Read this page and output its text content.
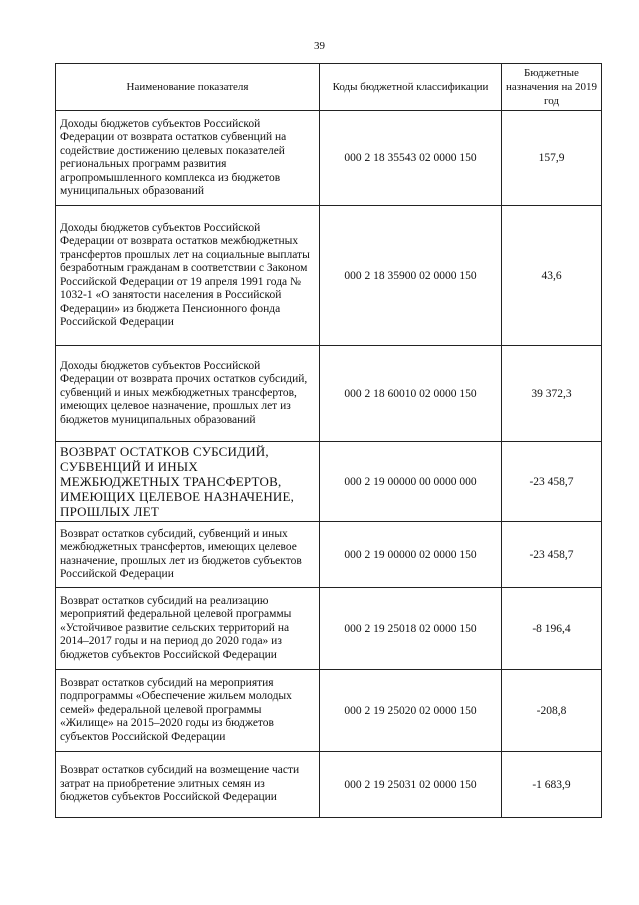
39
Наименование показателя	Коды бюджетной классификации	Бюджетные назначения на 2019 год
Доходы бюджетов субъектов Российской Федерации от возврата остатков субвенций на содействие достижению целевых показателей региональных программ развития агропромышленного комплекса из бюджетов муниципальных образований	000 2 18 35543 02 0000 150	157,9
Доходы бюджетов субъектов Российской Федерации от возврата остатков межбюджетных трансфертов прошлых лет на социальные выплаты безработным гражданам в соответствии с Законом Российской Федерации от 19 апреля 1991 года № 1032-1 «О занятости населения в Российской Федерации» из бюджета Пенсионного фонда Российской Федерации	000 2 18 35900 02 0000 150	43,6
Доходы бюджетов субъектов Российской Федерации от возврата прочих остатков субсидий, субвенций и иных межбюджетных трансфертов, имеющих целевое назначение, прошлых лет из бюджетов муниципальных образований	000 2 18 60010 02 0000 150	39 372,3
ВОЗВРАТ ОСТАТКОВ СУБСИДИЙ, СУБВЕНЦИЙ И ИНЫХ МЕЖБЮДЖЕТНЫХ ТРАНСФЕРТОВ, ИМЕЮЩИХ ЦЕЛЕВОЕ НАЗНАЧЕНИЕ, ПРОШЛЫХ ЛЕТ	000 2 19 00000 00 0000 000	-23 458,7
Возврат остатков субсидий, субвенций и иных межбюджетных трансфертов, имеющих целевое назначение, прошлых лет из бюджетов субъектов Российской Федерации	000 2 19 00000 02 0000 150	-23 458,7
Возврат остатков субсидий на реализацию мероприятий федеральной целевой программы «Устойчивое развитие сельских территорий на 2014–2017 годы и на период до 2020 года» из бюджетов субъектов Российской Федерации	000 2 19 25018 02 0000 150	-8 196,4
Возврат остатков субсидий на мероприятия подпрограммы «Обеспечение жильем молодых семей» федеральной целевой программы «Жилище» на 2015–2020 годы из бюджетов субъектов Российской Федерации	000 2 19 25020 02 0000 150	-208,8
Возврат остатков субсидий на возмещение части затрат на приобретение элитных семян из бюджетов субъектов Российской Федерации	000 2 19 25031 02 0000 150	-1 683,9
